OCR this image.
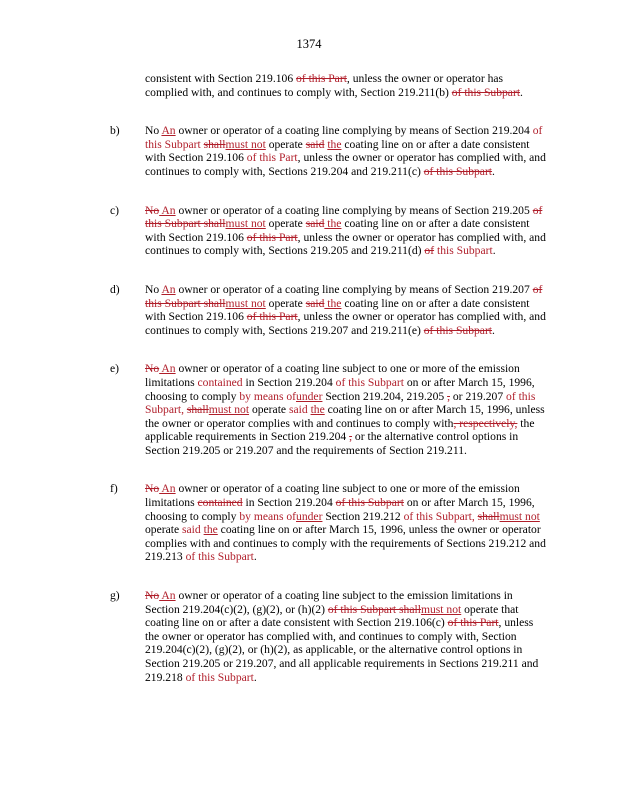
1374
consistent with Section 219.106 of this Part, unless the owner or operator has complied with, and continues to comply with, Section 219.211(b) of this Subpart.
b) No An owner or operator of a coating line complying by means of Section 219.204 of this Subpart shallmust not operate said the coating line on or after a date consistent with Section 219.106 of this Part, unless the owner or operator has complied with, and continues to comply with, Sections 219.204 and 219.211(c) of this Subpart.
c) No An owner or operator of a coating line complying by means of Section 219.205 of this Subpart shallmust not operate said the coating line on or after a date consistent with Section 219.106 of this Part, unless the owner or operator has complied with, and continues to comply with, Sections 219.205 and 219.211(d) of this Subpart.
d) No An owner or operator of a coating line complying by means of Section 219.207 of this Subpart shallmust not operate said the coating line on or after a date consistent with Section 219.106 of this Part, unless the owner or operator has complied with, and continues to comply with, Sections 219.207 and 219.211(e) of this Subpart.
e) No An owner or operator of a coating line subject to one or more of the emission limitations contained in Section 219.204 of this Subpart on or after March 15, 1996, choosing to comply by means ofunder Section 219.204, 219.205 , or 219.207 of this Subpart, shallmust not operate said the coating line on or after March 15, 1996, unless the owner or operator complies with and continues to comply with, respectively, the applicable requirements in Section 219.204 , or the alternative control options in Section 219.205 or 219.207 and the requirements of Section 219.211.
f) No An owner or operator of a coating line subject to one or more of the emission limitations contained in Section 219.204 of this Subpart on or after March 15, 1996, choosing to comply by means ofunder Section 219.212 of this Subpart, shallmust not operate said the coating line on or after March 15, 1996, unless the owner or operator complies with and continues to comply with the requirements of Sections 219.212 and 219.213 of this Subpart.
g) No An owner or operator of a coating line subject to the emission limitations in Section 219.204(c)(2), (g)(2), or (h)(2) of this Subpart shallmust not operate that coating line on or after a date consistent with Section 219.106(c) of this Part, unless the owner or operator has complied with, and continues to comply with, Section 219.204(c)(2), (g)(2), or (h)(2), as applicable, or the alternative control options in Section 219.205 or 219.207, and all applicable requirements in Sections 219.211 and 219.218 of this Subpart.
